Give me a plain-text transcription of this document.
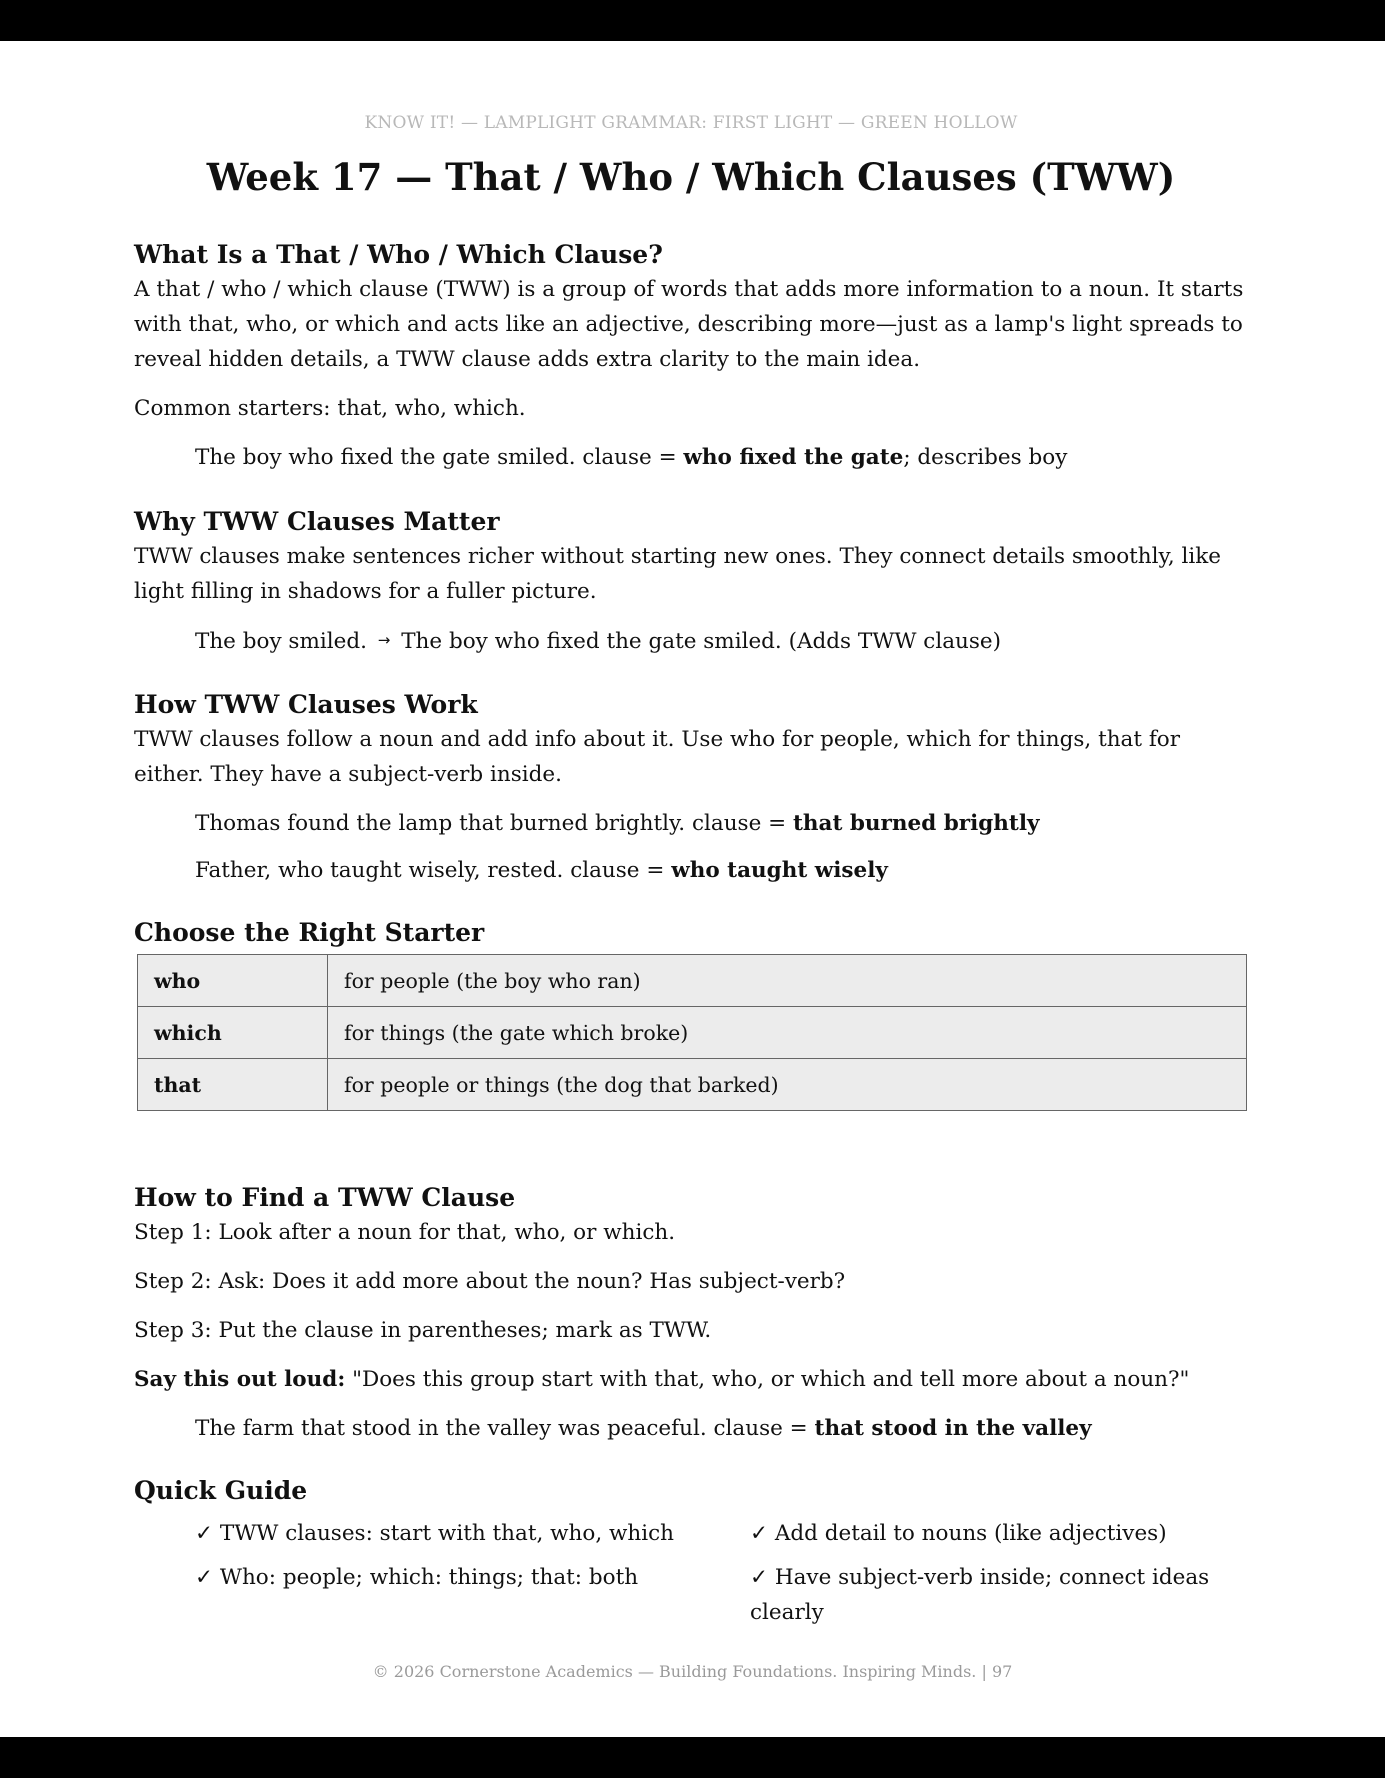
KNOW IT! — LAMPLIGHT GRAMMAR: FIRST LIGHT — GREEN HOLLOW
Week 17 — That / Who / Which Clauses (TWW)
What Is a That / Who / Which Clause?

A that / who / which clause (TWW) is a group of words that adds more information to a noun. It starts with that, who, or which and acts like an adjective, describing more—just as a lamp's light spreads to reveal hidden details, a TWW clause adds extra clarity to the main idea.

Common starters: that, who, which.

The boy who fixed the gate smiled. clause = who fixed the gate; describes boy

Why TWW Clauses Matter

TWW clauses make sentences richer without starting new ones. They connect details smoothly, like light filling in shadows for a fuller picture.

The boy smiled. → The boy who fixed the gate smiled. (Adds TWW clause)

How TWW Clauses Work

TWW clauses follow a noun and add info about it. Use who for people, which for things, that for either. They have a subject-verb inside.

Thomas found the lamp that burned brightly. clause = that burned brightly

Father, who taught wisely, rested. clause = who taught wisely

Choose the Right Starter
who	for people (the boy who ran)
which	for things (the gate which broke)
that	for people or things (the dog that barked)
How to Find a TWW Clause

Step 1: Look after a noun for that, who, or which.

Step 2: Ask: Does it add more about the noun? Has subject-verb?

Step 3: Put the clause in parentheses; mark as TWW.

Say this out loud: "Does this group start with that, who, or which and tell more about a noun?"

The farm that stood in the valley was peaceful. clause = that stood in the valley

Quick Guide
✓ TWW clauses: start with that, who, which	✓ Add detail to nouns (like adjectives)
✓ Who: people; which: things; that: both	✓ Have subject-verb inside; connect ideas clearly
© 2026 Cornerstone Academics — Building Foundations. Inspiring Minds. | 97
